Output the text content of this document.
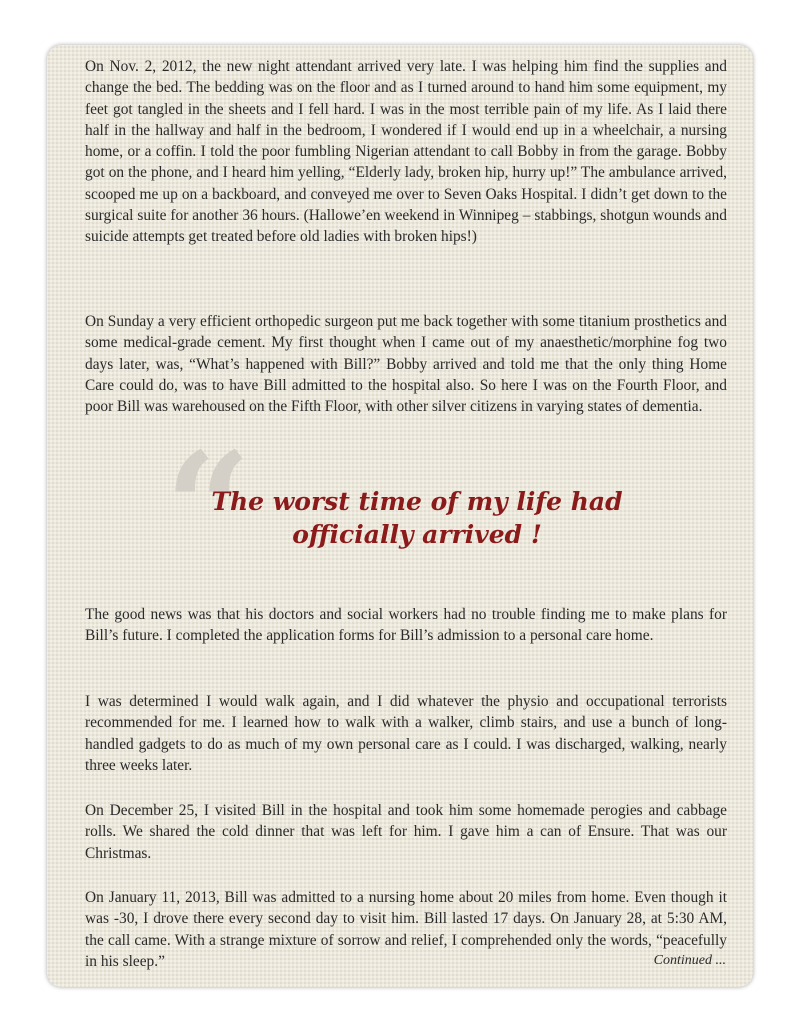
On Nov. 2, 2012, the new night attendant arrived very late. I was helping him find the supplies and change the bed. The bedding was on the floor and as I turned around to hand him some equipment, my feet got tangled in the sheets and I fell hard. I was in the most terrible pain of my life. As I laid there half in the hallway and half in the bedroom, I wondered if I would end up in a wheelchair, a nursing home, or a coffin. I told the poor fumbling Nigerian attendant to call Bobby in from the garage. Bobby got on the phone, and I heard him yelling, “Elderly lady, broken hip, hurry up!” The ambulance arrived, scooped me up on a backboard, and conveyed me over to Seven Oaks Hospital. I didn’t get down to the surgical suite for another 36 hours. (Hallowe’en weekend in Winnipeg – stabbings, shotgun wounds and suicide attempts get treated before old ladies with broken hips!)

On Sunday a very efficient orthopedic surgeon put me back together with some titanium prosthetics and some medical-grade cement. My first thought when I came out of my anaesthetic/morphine fog two days later, was, “What’s happened with Bill?” Bobby arrived and told me that the only thing Home Care could do, was to have Bill admitted to the hospital also. So here I was on the Fourth Floor, and poor Bill was warehoused on the Fifth Floor, with other silver citizens in varying states of dementia.

“
The worst time of my life had
officially arrived !

The good news was that his doctors and social workers had no trouble finding me to make plans for Bill’s future. I completed the application forms for Bill’s admission to a personal care home.

I was determined I would walk again, and I did whatever the physio and occupational terrorists recommended for me. I learned how to walk with a walker, climb stairs, and use a bunch of long-handled gadgets to do as much of my own personal care as I could. I was discharged, walking, nearly three weeks later.

On December 25, I visited Bill in the hospital and took him some homemade perogies and cabbage rolls. We shared the cold dinner that was left for him. I gave him a can of Ensure. That was our Christmas.

On January 11, 2013, Bill was admitted to a nursing home about 20 miles from home. Even though it was -30, I drove there every second day to visit him. Bill lasted 17 days. On January 28, at 5:30 AM, the call came. With a strange mixture of sorrow and relief, I comprehended only the words, “peacefully in his sleep.”	Continued ...
